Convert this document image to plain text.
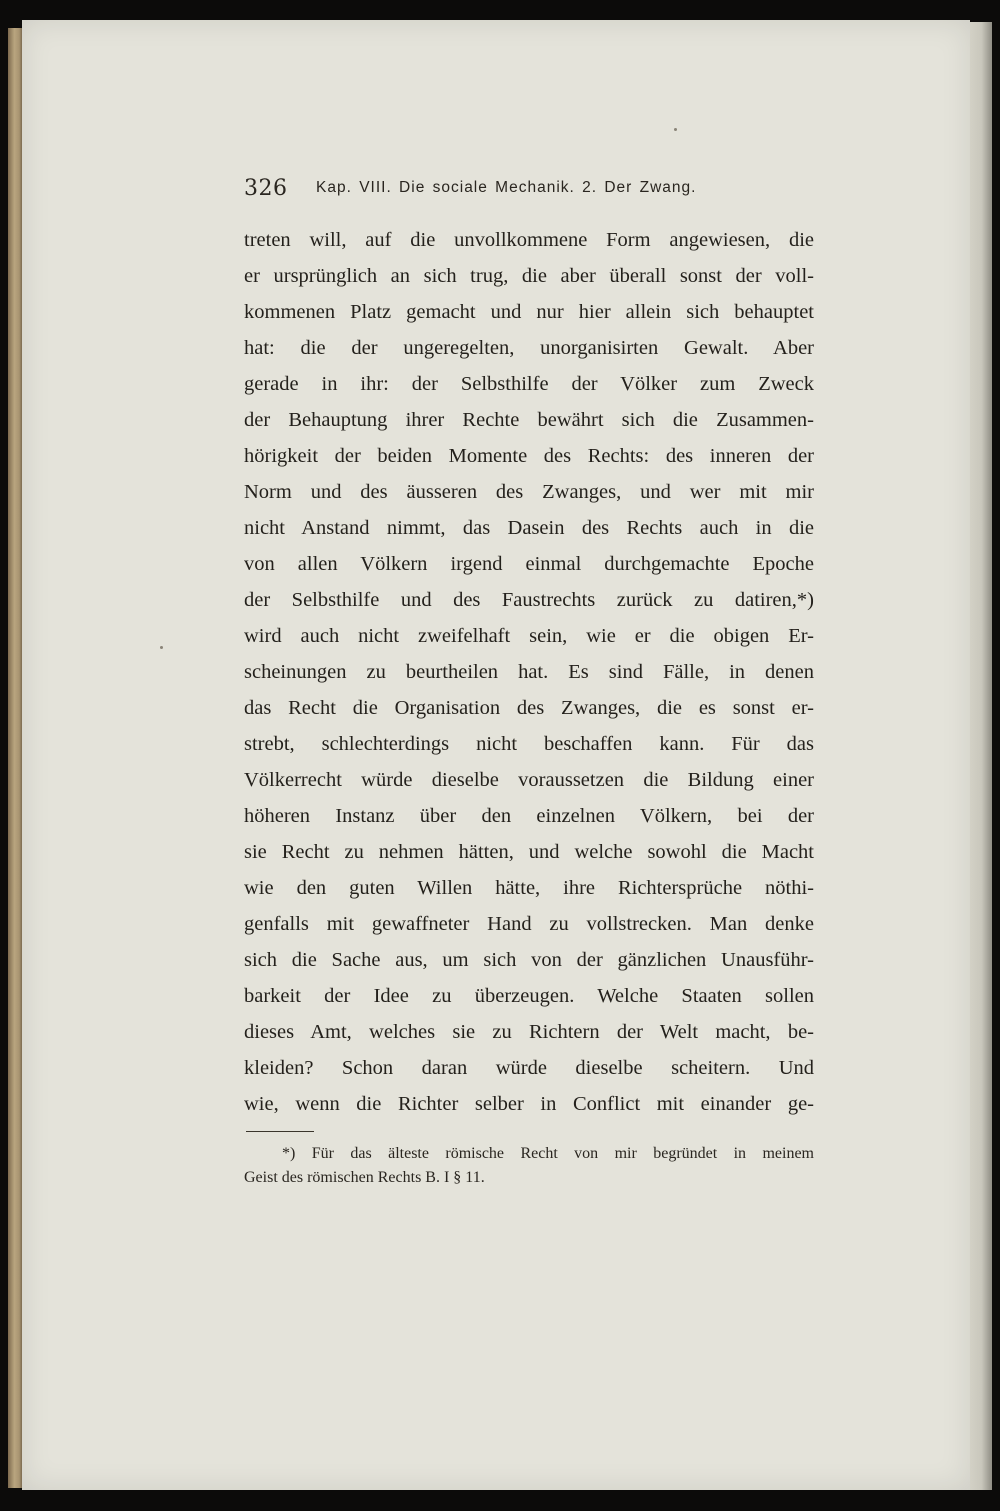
326 Kap. VIII. Die sociale Mechanik. 2. Der Zwang.
treten will, auf die unvollkommene Form angewiesen, die
er ursprünglich an sich trug, die aber überall sonst der voll-
kommenen Platz gemacht und nur hier allein sich behauptet
hat: die der ungeregelten, unorganisirten Gewalt. Aber
gerade in ihr: der Selbsthilfe der Völker zum Zweck
der Behauptung ihrer Rechte bewährt sich die Zusammen-
hörigkeit der beiden Momente des Rechts: des inneren der
Norm und des äusseren des Zwanges, und wer mit mir
nicht Anstand nimmt, das Dasein des Rechts auch in die
von allen Völkern irgend einmal durchgemachte Epoche
der Selbsthilfe und des Faustrechts zurück zu datiren,*)
wird auch nicht zweifelhaft sein, wie er die obigen Er-
scheinungen zu beurtheilen hat. Es sind Fälle, in denen
das Recht die Organisation des Zwanges, die es sonst er-
strebt, schlechterdings nicht beschaffen kann. Für das
Völkerrecht würde dieselbe voraussetzen die Bildung einer
höheren Instanz über den einzelnen Völkern, bei der
sie Recht zu nehmen hätten, und welche sowohl die Macht
wie den guten Willen hätte, ihre Richtersprüche nöthi-
genfalls mit gewaffneter Hand zu vollstrecken. Man denke
sich die Sache aus, um sich von der gänzlichen Unausführ-
barkeit der Idee zu überzeugen. Welche Staaten sollen
dieses Amt, welches sie zu Richtern der Welt macht, be-
kleiden? Schon daran würde dieselbe scheitern. Und
wie, wenn die Richter selber in Conflict mit einander ge-
*) Für das älteste römische Recht von mir begründet in meinem
Geist des römischen Rechts B. I § 11.
